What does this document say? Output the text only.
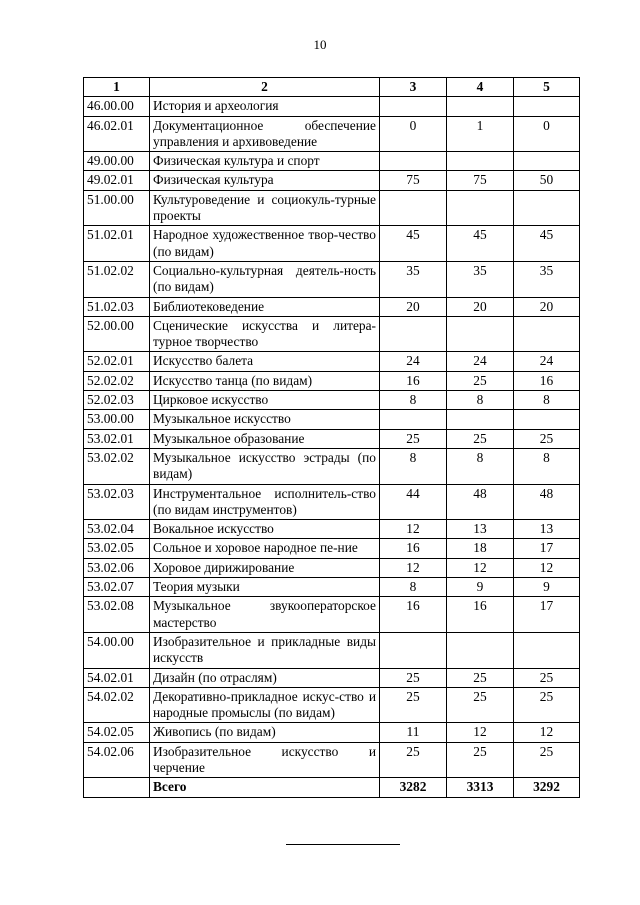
10
1	2	3	4	5
46.00.00	История и археология			
46.02.01	Документационное обеспечение управления и архивоведение	0	1	0
49.00.00	Физическая культура и спорт			
49.02.01	Физическая культура	75	75	50
51.00.00	Культуроведение и социокуль-турные проекты			
51.02.01	Народное художественное твор-чество (по видам)	45	45	45
51.02.02	Социально-культурная деятель-ность (по видам)	35	35	35
51.02.03	Библиотековедение	20	20	20
52.00.00	Сценические искусства и литера-турное творчество			
52.02.01	Искусство балета	24	24	24
52.02.02	Искусство танца (по видам)	16	25	16
52.02.03	Цирковое искусство	8	8	8
53.00.00	Музыкальное искусство			
53.02.01	Музыкальное образование	25	25	25
53.02.02	Музыкальное искусство эстрады (по видам)	8	8	8
53.02.03	Инструментальное исполнитель-ство (по видам инструментов)	44	48	48
53.02.04	Вокальное искусство	12	13	13
53.02.05	Сольное и хоровое народное пе-ние	16	18	17
53.02.06	Хоровое дирижирование	12	12	12
53.02.07	Теория музыки	8	9	9
53.02.08	Музыкальное звукооператорское мастерство	16	16	17
54.00.00	Изобразительное и прикладные виды искусств			
54.02.01	Дизайн (по отраслям)	25	25	25
54.02.02	Декоративно-прикладное искус-ство и народные промыслы (по видам)	25	25	25
54.02.05	Живопись (по видам)	11	12	12
54.02.06	Изобразительное искусство и черчение	25	25	25
	Всего	3282	3313	3292
